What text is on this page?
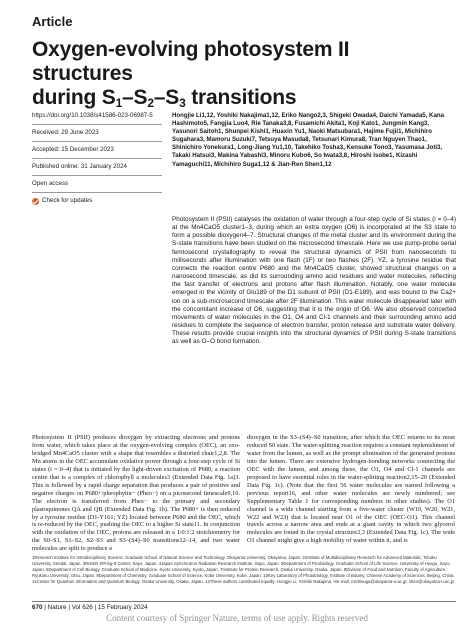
Article
Oxygen-evolving photosystem II structures
during $S_1-S_2-S_3$ transitions
https://doi.org/10.1038/s41586-023-06987-5
Received: 29 June 2023
Accepted: 15 December 2023
Published online: 31 January 2024
Open access
Check for updates
Hongjie Li1,12, Yoshiki Nakajima1,12, Eriko Nango2,3, Shigeki Owada4, Daichi Yamada5, Kana Hashimoto5, Fangjia Luo4, Rie Tanaka3,8, Fusamichi Akita1, Koji Kato1, Jungmin Kang3, Yasunori Saitoh1, Shunpei Kishi1, Huaxin Yu1, Naoki Matsubara1, Hajime Fujii1, Michihiro Sugahara3, Mamoru Suzuki7, Tetsuya Masuda8, Tetsunari Kimura8, Tran Nguyen Thao1, Shinichiro Yonekura1, Long-Jiang Yu1,10, Takehiko Tosha3, Kensuke Tono3, Yasumasa Joti3, Takaki Hatsui3, Makina Yabashi3, Minoru Kubo6, So Iwata3,8, Hiroshi Isobe1, Kizashi Yamaguchi11, Michihiro Suga1,12 & Jian-Ren Shen1,12
Photosystem II (PSII) catalyses the oxidation of water through a four-step cycle of Si states (i = 0–4) at the Mn4CaO5 cluster1–3, during which an extra oxygen (O6) is incorporated at the S3 state to form a possible dioxygen4–7. Structural changes of the metal cluster and its environment during the S-state transitions have been studied on the microsecond timescale. Here we use pump-probe serial femtosecond crystallography to reveal the structural dynamics of PSII from nanoseconds to milliseconds after illumination with one flash (1F) or two flashes (2F). YZ, a tyrosine residue that connects the reaction centre P680 and the Mn4CaO5 cluster, showed structural changes on a nanosecond timescale, as did its surrounding amino acid residues and water molecules, reflecting the fast transfer of electrons and protons after flash illumination. Notably, one water molecule emerged in the vicinity of Glu189 of the D1 subunit of PSII (D1-E189), and was bound to the Ca2+ ion on a sub-microsecond timescale after 2F illumination. This water molecule disappeared later with the concomitant increase of O6, suggesting that it is the origin of O6. We also observed concerted movements of water molecules in the O1, O4 and Cl-1 channels and their surrounding amino acid residues to complete the sequence of electron transfer, proton release and substrate water delivery. These results provide crucial insights into the structural dynamics of PSII during S-state transitions as well as O–O bond formation.
Photosystem II (PSII) produces dioxygen by extracting electrons and protons from water, which takes place at the oxygen-evolving complex (OEC), an oxo-bridged Mn4CaO5 cluster with a shape that resembles a distorted chair1,2,8. The Mn atoms in the OEC accumulate oxidative power through a four-step cycle of Si states (i = 0–4) that is initiated by the light-driven excitation of P680, a reaction centre that is a complex of chlorophyll a molecules3 (Extended Data Fig. 1a)3. This is followed by a rapid charge separation that produces a pair of positive and negative charges on P680+/pheophytin− (Pheo−) on a picosecond timescale9,10. The electron is transferred from Pheo− to the primary and secondary plastoquinones QA and QB (Extended Data Fig. 1b). The P680+ is then reduced by a tyrosine residue (D1-Y161; YZ) located between P680 and the OEC, which is re-reduced by the OEC, pushing the OEC to a higher Si state11. In conjunction with the oxidation of the OEC, protons are released in a 1:0:1:2 stoichiometry for the S0–S1, S1–S2, S2–S3 and S3–(S4)–S0 transitions12–14, and two water molecules are split to produce a
dioxygen in the S3–(S4)–S0 transition, after which the OEC returns to its most reduced S0 state. The water-splitting reaction requires a constant replenishment of water from the lumen, as well as the prompt elimination of the generated protons into the lumen. There are extensive hydrogen-bonding networks connecting the OEC with the lumen, and among these, the O1, O4 and Cl-1 channels are proposed to have essential roles in the water-splitting reaction2,15–20 (Extended Data Fig. 1c). (Note that the first 56 water molecules are named following a previous report16, and other water molecules are newly numbered; see Supplementary Table 1 for corresponding numbers in other studies). The O1 channel is a wide channel starting from a five-water cluster (W10, W20, W21, W22 and W23) that is located near O1 of the OEC (OEC-O1). This channel travels across a narrow area and ends at a giant cavity in which two glycerol molecules are found in the crystal structure2,3 (Extended Data Fig. 1c). The wide O1 channel might give a high mobility of water within it, and is
1Research Institute for Interdisciplinary Science, Graduate School of Natural Science and Technology, Okayama University, Okayama, Japan. 2Institute of Multidisciplinary Research for Advanced Materials, Tohoku University, Sendai, Japan. 3RIKEN SPring-8 Center, Sayo, Japan. 4Japan Synchrotron Radiation Research Institute, Sayo, Japan. 5Department of Picobiology, Graduate School of Life Science, University of Hyogo, Sayo, Japan. 6Department of Cell Biology, Graduate School of Medicine, Kyoto University, Kyoto, Japan. 7Institute for Protein Research, Osaka University, Osaka, Japan. 8Division of Food and Nutrition, Faculty of Agriculture, Ryukoku University, Otsu, Japan. 9Department of Chemistry, Graduate School of Science, Kobe University, Kobe, Japan. 10Key Laboratory of Photobiology, Institute of Botany, Chinese Academy of Sciences, Beijing, China. 11Center for Quantum Information and Quantum Biology, Osaka University, Osaka, Japan. 12These authors contributed equally: Hongjie Li, Yoshiki Nakajima. ✉e-mail: michisuga@okayama-u.ac.jp; shen@okayama-u.ac.jp
670 | Nature | Vol 626 | 15 February 2024
Content courtesy of Springer Nature, terms of use apply. Rights reserved
